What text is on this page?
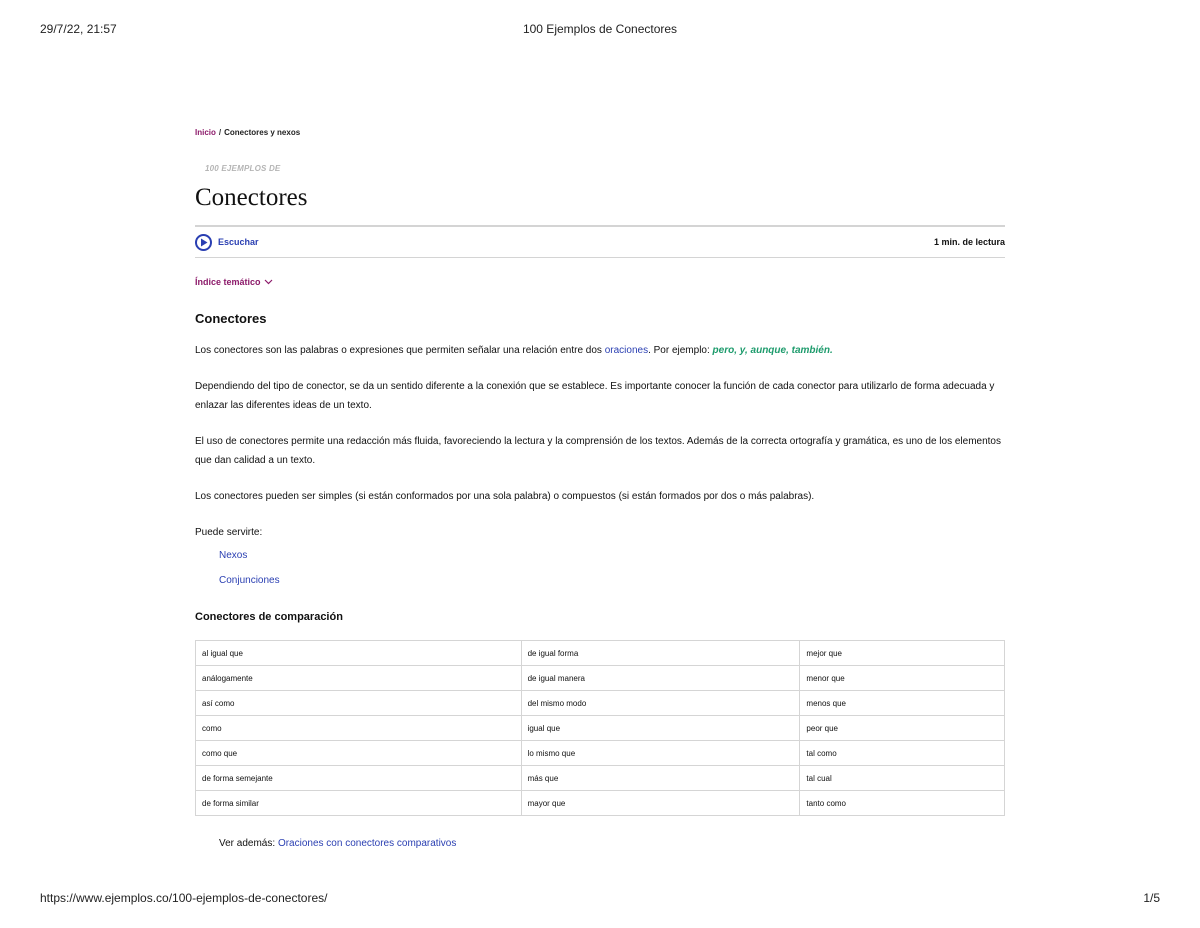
29/7/22, 21:57	100 Ejemplos de Conectores
Inicio / Conectores y nexos
100 EJEMPLOS DE
Conectores
Escuchar	1 min. de lectura
Índice temático
Conectores

Los conectores son las palabras o expresiones que permiten señalar una relación entre dos oraciones. Por ejemplo: pero, y, aunque, también.

Dependiendo del tipo de conector, se da un sentido diferente a la conexión que se establece. Es importante conocer la función de cada conector para utilizarlo de forma adecuada y enlazar las diferentes ideas de un texto.

El uso de conectores permite una redacción más fluida, favoreciendo la lectura y la comprensión de los textos. Además de la correcta ortografía y gramática, es uno de los elementos que dan calidad a un texto.

Los conectores pueden ser simples (si están conformados por una sola palabra) o compuestos (si están formados por dos o más palabras).

Puede servirte:

Nexos
Conjunciones
Conectores de comparación
al igual que	de igual forma	mejor que
análogamente	de igual manera	menor que
así como	del mismo modo	menos que
como	igual que	peor que
como que	lo mismo que	tal como
de forma semejante	más que	tal cual
de forma similar	mayor que	tanto como
Ver además: Oraciones con conectores comparativos
https://www.ejemplos.co/100-ejemplos-de-conectores/	1/5
